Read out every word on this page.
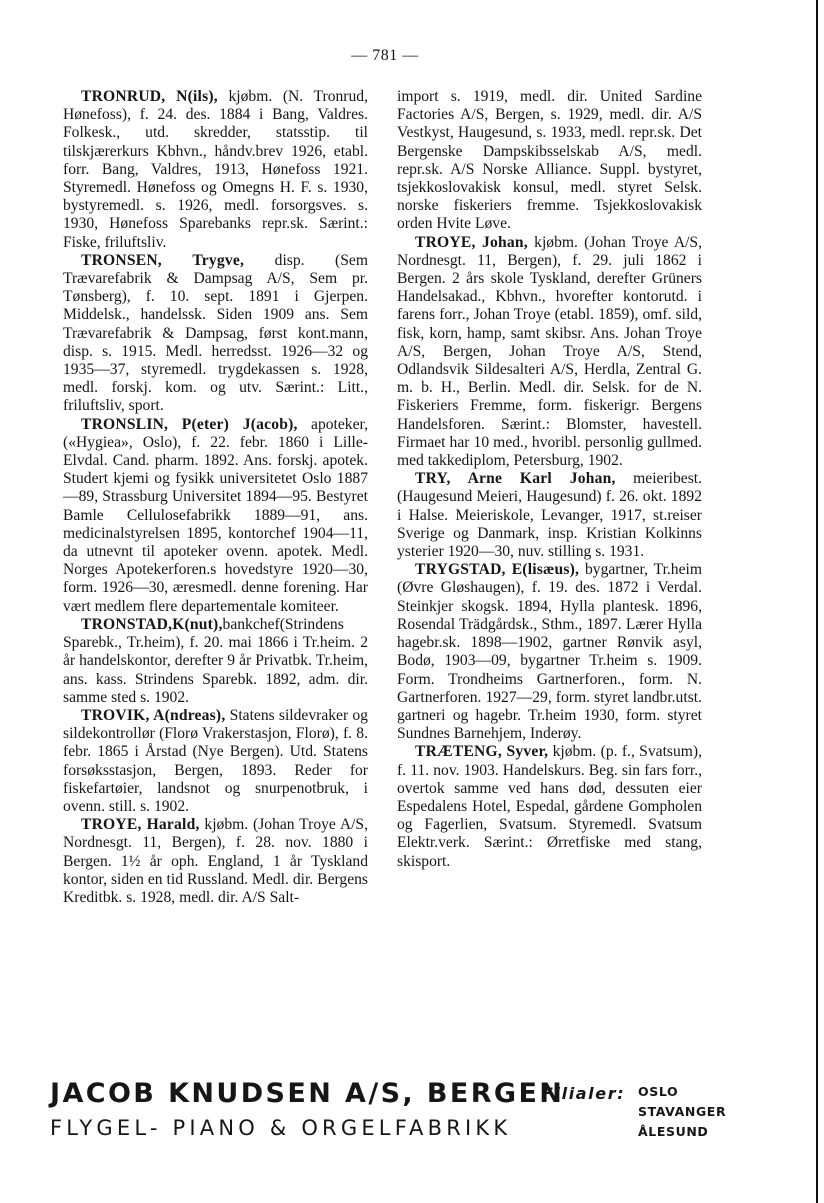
— 781 —

TRONRUD, N(ils), kjøbm. (N. Tronrud, Hønefoss), f. 24. des. 1884 i Bang, Valdres. Folkesk., utd. skredder, statsstip. til tilskjærerkurs Kbhvn., håndv.brev 1926, etabl. forr. Bang, Valdres, 1913, Hønefoss 1921. Styremedl. Hønefoss og Omegns H. F. s. 1930, bystyremedl. s. 1926, medl. forsorgsves. s. 1930, Hønefoss Sparebanks repr.sk. Særint.: Fiske, friluftsliv.

TRONSEN, Trygve, disp. (Sem Trævarefabrik & Dampsag A/S, Sem pr. Tønsberg), f. 10. sept. 1891 i Gjerpen. Middelsk., handelssk. Siden 1909 ans. Sem Trævarefabrik & Dampsag, først kont.mann, disp. s. 1915. Medl. herredsst. 1926—32 og 1935—37, styremedl. trygdekassen s. 1928, medl. forskj. kom. og utv. Særint.: Litt., friluftsliv, sport.

TRONSLIN, P(eter) J(acob), apoteker, («Hygiea», Oslo), f. 22. febr. 1860 i Lille-Elvdal. Cand. pharm. 1892. Ans. forskj. apotek. Studert kjemi og fysikk universitetet Oslo 1887—89, Strassburg Universitet 1894—95. Bestyret Bamle Cellulosefabrikk 1889—91, ans. medicinalstyrelsen 1895, kontorchef 1904—11, da utnevnt til apoteker ovenn. apotek. Medl. Norges Apotekerforen.s hovedstyre 1920—30, form. 1926—30, æresmedl. denne forening. Har vært medlem flere departementale komiteer.

TRONSTAD,K(nut),bankchef(Strindens Sparebk., Tr.heim), f. 20. mai 1866 i Tr.heim. 2 år handelskontor, derefter 9 år Privatbk. Tr.heim, ans. kass. Strindens Sparebk. 1892, adm. dir. samme sted s. 1902.

TROVIK, A(ndreas), Statens sildevraker og sildekontrollør (Florø Vrakerstasjon, Florø), f. 8. febr. 1865 i Årstad (Nye Bergen). Utd. Statens forsøksstasjon, Bergen, 1893. Reder for fiskefartøier, landsnot og snurpenotbruk, i ovenn. still. s. 1902.

TROYE, Harald, kjøbm. (Johan Troye A/S, Nordnesgt. 11, Bergen), f. 28. nov. 1880 i Bergen. 1½ år oph. England, 1 år Tyskland kontor, siden en tid Russland. Medl. dir. Bergens Kreditbk. s. 1928, medl. dir. A/S Salt-

import s. 1919, medl. dir. United Sardine Factories A/S, Bergen, s. 1929, medl. dir. A/S Vestkyst, Haugesund, s. 1933, medl. repr.sk. Det Bergenske Dampskibsselskab A/S, medl. repr.sk. A/S Norske Alliance. Suppl. bystyret, tsjekkoslovakisk konsul, medl. styret Selsk. norske fiskeriers fremme. Tsjekkoslovakisk orden Hvite Løve.

TROYE, Johan, kjøbm. (Johan Troye A/S, Nordnesgt. 11, Bergen), f. 29. juli 1862 i Bergen. 2 års skole Tyskland, derefter Grüners Handelsakad., Kbhvn., hvorefter kontorutd. i farens forr., Johan Troye (etabl. 1859), omf. sild, fisk, korn, hamp, samt skibsr. Ans. Johan Troye A/S, Bergen, Johan Troye A/S, Stend, Odlandsvik Sildesalteri A/S, Herdla, Zentral G. m. b. H., Berlin. Medl. dir. Selsk. for de N. Fiskeriers Fremme, form. fiskerigr. Bergens Handelsforen. Særint.: Blomster, havestell. Firmaet har 10 med., hvoribl. personlig gullmed. med takkediplom, Petersburg, 1902.

TRY, Arne Karl Johan, meieribest. (Haugesund Meieri, Haugesund) f. 26. okt. 1892 i Halse. Meieriskole, Levanger, 1917, st.reiser Sverige og Danmark, insp. Kristian Kolkinns ysterier 1920—30, nuv. stilling s. 1931.

TRYGSTAD, E(lisæus), bygartner, Tr.heim (Øvre Gløshaugen), f. 19. des. 1872 i Verdal. Steinkjer skogsk. 1894, Hylla plantesk. 1896, Rosendal Trädgårdsk., Sthm., 1897. Lærer Hylla hagebr.sk. 1898—1902, gartner Rønvik asyl, Bodø, 1903—09, bygartner Tr.heim s. 1909. Form. Trondheims Gartnerforen., form. N. Gartnerforen. 1927—29, form. styret landbr.utst. gartneri og hagebr. Tr.heim 1930, form. styret Sundnes Barnehjem, Inderøy.

TRÆTENG, Syver, kjøbm. (p. f., Svatsum), f. 11. nov. 1903. Handelskurs. Beg. sin fars forr., overtok samme ved hans død, dessuten eier Espedalens Hotel, Espedal, gårdene Gompholen og Fagerlien, Svatsum. Styremedl. Svatsum Elektr.verk. Særint.: Ørretfiske med stang, skisport.

JACOB KNUDSEN A/S, BERGEN
FLYGEL- PIANO & ORGELFABRIKK
Filialer: OSLO
STAVANGER
ÅLESUND
